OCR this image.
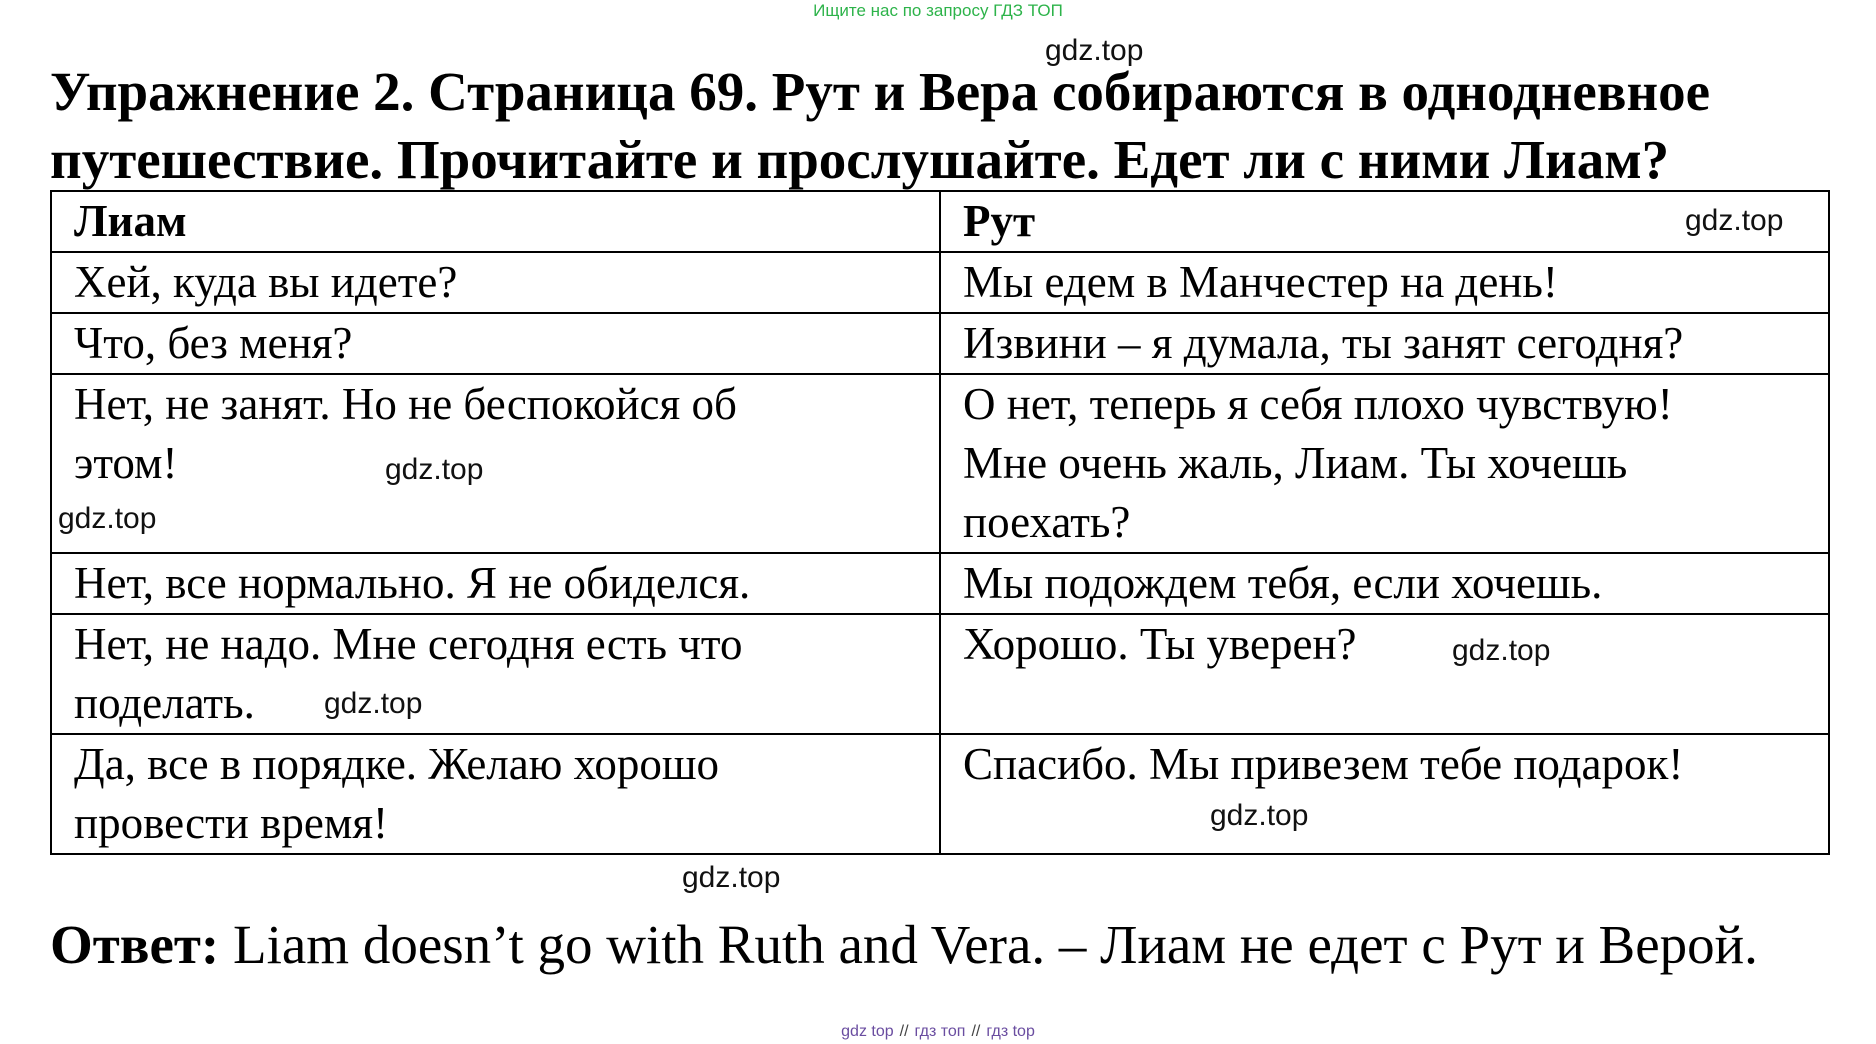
Ищите нас по запросу ГДЗ ТОП
Упражнение 2. Страница 69. Рут и Вера собираются в однодневное путешествие. Прочитайте и прослушайте. Едет ли с ними Лиам?
Лиам	Рут
Хей, куда вы идете?	Мы едем в Манчестер на день!
Что, без меня?	Извини – я думала, ты занят сегодня?
Нет, не занят. Но не беспокойся об этом!	О нет, теперь я себя плохо чувствую! Мне очень жаль, Лиам. Ты хочешь поехать?
Нет, все нормально. Я не обиделся.	Мы подождем тебя, если хочешь.
Нет, не надо. Мне сегодня есть что поделать.	Хорошо. Ты уверен?
Да, все в порядке. Желаю хорошо провести время!	Спасибо. Мы привезем тебе подарок!
Ответ: Liam doesn’t go with Ruth and Vera. – Лиам не едет с Рут и Верой.
gdz.top
gdz.top
gdz.top
gdz.top
gdz.top
gdz.top
gdz.top
gdz.top
gdz top // гдз топ // гдз top
